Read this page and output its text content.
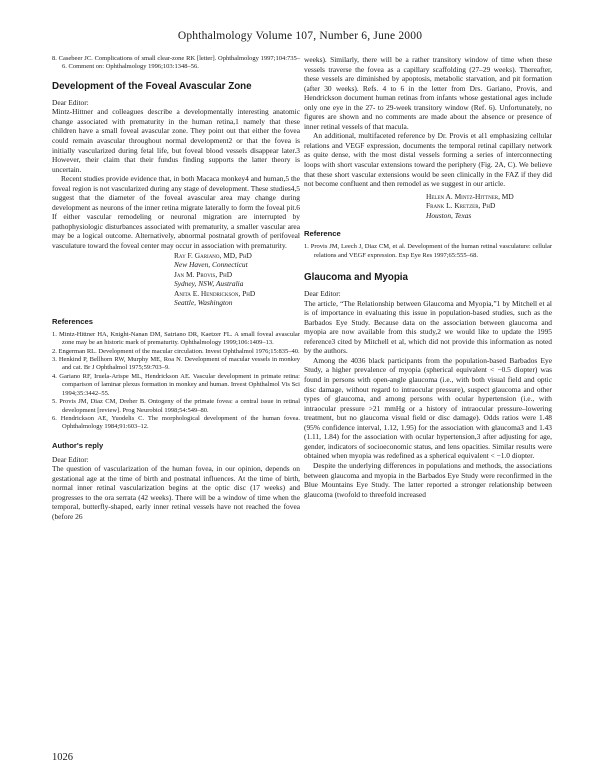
Ophthalmology Volume 107, Number 6, June 2000

8. Casebeer JC. Complications of small clear-zone RK [letter]. Ophthalmology 1997;104:735–6. Comment on: Ophthalmology 1996;103:1348–56.

Development of the Foveal Avascular Zone

Dear Editor:

Mintz-Hittner and colleagues describe a developmentally interesting anatomic change associated with prematurity in the human retina,1 namely that these children have a small foveal avascular zone. They point out that either the fovea could remain avascular throughout normal development2 or that the fovea is initially vascularized during fetal life, but foveal blood vessels disappear later.3 However, their claim that their fundus finding supports the latter theory is uncertain.

Recent studies provide evidence that, in both Macaca monkey4 and human,5 the foveal region is not vascularized during any stage of development. These studies4,5 suggest that the diameter of the foveal avascular area may change during development as neurons of the inner retina migrate laterally to form the foveal pit.6 If either vascular remodeling or neuronal migration are interrupted by pathophysiologic disturbances associated with prematurity, a smaller vascular area may be a logical outcome. Alternatively, abnormal postnatal growth of perifoveal vasculature toward the foveal center may occur in association with prematurity.

Ray F. Gariano, MD, PhD
New Haven, Connecticut
Jan M. Provis, PhD
Sydney, NSW, Australia
Anita E. Hendrickson, PhD
Seattle, Washington
References

1. Mintz-Hittner HA, Knight-Nanan DM, Satriano DR, Kaetzer FL. A small foveal avascular zone may be an historic mark of prematurity. Ophthalmology 1999;106:1409–13.

2. Engerman RL. Development of the macular circulation. Invest Ophthalmol 1976;15:835–40.

3. Henkind P, Bellhorn RW, Murphy ME, Roa N. Development of macular vessels in monkey and cat. Br J Ophthalmol 1975;59:703–9.

4. Gariano RF, Iruela-Arispe ML, Hendrickson AE. Vascular development in primate retina: comparison of laminar plexus formation in monkey and human. Invest Ophthalmol Vis Sci 1994;35:3442–55.

5. Provis JM, Diaz CM, Dreher B. Ontogeny of the primate fovea: a central issue in retinal development [review]. Prog Neurobiol 1998;54:549–80.

6. Hendrickson AE, Yuodelis C. The morphological development of the human fovea. Ophthalmology 1984;91:603–12.

Author's reply

Dear Editor:

The question of vascularization of the human fovea, in our opinion, depends on gestational age at the time of birth and postnatal influences. At the time of birth, normal inner retinal vascularization begins at the optic disc (17 weeks) and progresses to the ora serrata (42 weeks). There will be a window of time when the temporal, butterfly-shaped, early inner retinal vessels have not reached the fovea (before 26

weeks). Similarly, there will be a rather transitory window of time when these vessels traverse the fovea as a capillary scaffolding (27–29 weeks). Thereafter, these vessels are diminished by apoptosis, metabolic starvation, and pit formation (after 30 weeks). Refs. 4 to 6 in the letter from Drs. Gariano, Provis, and Hendrickson document human retinas from infants whose gestational ages include only one eye in the 27- to 29-week transitory window (Ref. 6). Unfortunately, no figures are shown and no comments are made about the absence or presence of inner retinal vessels of that macula.

An additional, multifaceted reference by Dr. Provis et al1 emphasizing cellular relations and VEGF expression, documents the temporal retinal capillary network as quite dense, with the most distal vessels forming a series of interconnecting loops with short vascular extensions toward the periphery (Fig. 2A, C). We believe that these short vascular extensions would be seen clinically in the FAZ if they did not become confluent and then remodel as we suggest in our article.

Helen A. Mintz-Hittner, MD
Frank L. Kretzer, PhD
Houston, Texas
Reference

1. Provis JM, Leech J, Diaz CM, et al. Development of the human retinal vasculature: cellular relations and VEGF expression. Exp Eye Res 1997;65:555–68.

Glaucoma and Myopia

Dear Editor:

The article, “The Relationship between Glaucoma and Myopia,”1 by Mitchell et al is of importance in evaluating this issue in population-based studies, such as the Barbados Eye Study. Because data on the association between glaucoma and myopia are now available from this study,2 we would like to update the 1995 reference3 cited by Mitchell et al, which did not provide this information as noted by the authors.

Among the 4036 black participants from the population-based Barbados Eye Study, a higher prevalence of myopia (spherical equivalent < −0.5 diopter) was found in persons with open-angle glaucoma (i.e., with both visual field and optic disc damage, without regard to intraocular pressure), suspect glaucoma and other types of glaucoma, and among persons with ocular hypertension (i.e., with intraocular pressure >21 mmHg or a history of intraocular pressure–lowering treatment, but no glaucoma visual field or disc damage). Odds ratios were 1.48 (95% confidence interval, 1.12, 1.95) for the association with glaucoma3 and 1.43 (1.11, 1.84) for the association with ocular hypertension,3 after adjusting for age, gender, indicators of socioeconomic status, and lens opacities. Similar results were obtained when myopia was redefined as a spherical equivalent < −1.0 diopter.

Despite the underlying differences in populations and methods, the associations between glaucoma and myopia in the Barbados Eye Study were reconfirmed in the Blue Mountains Eye Study. The latter reported a stronger relationship between glaucoma (twofold to threefold increased

1026
